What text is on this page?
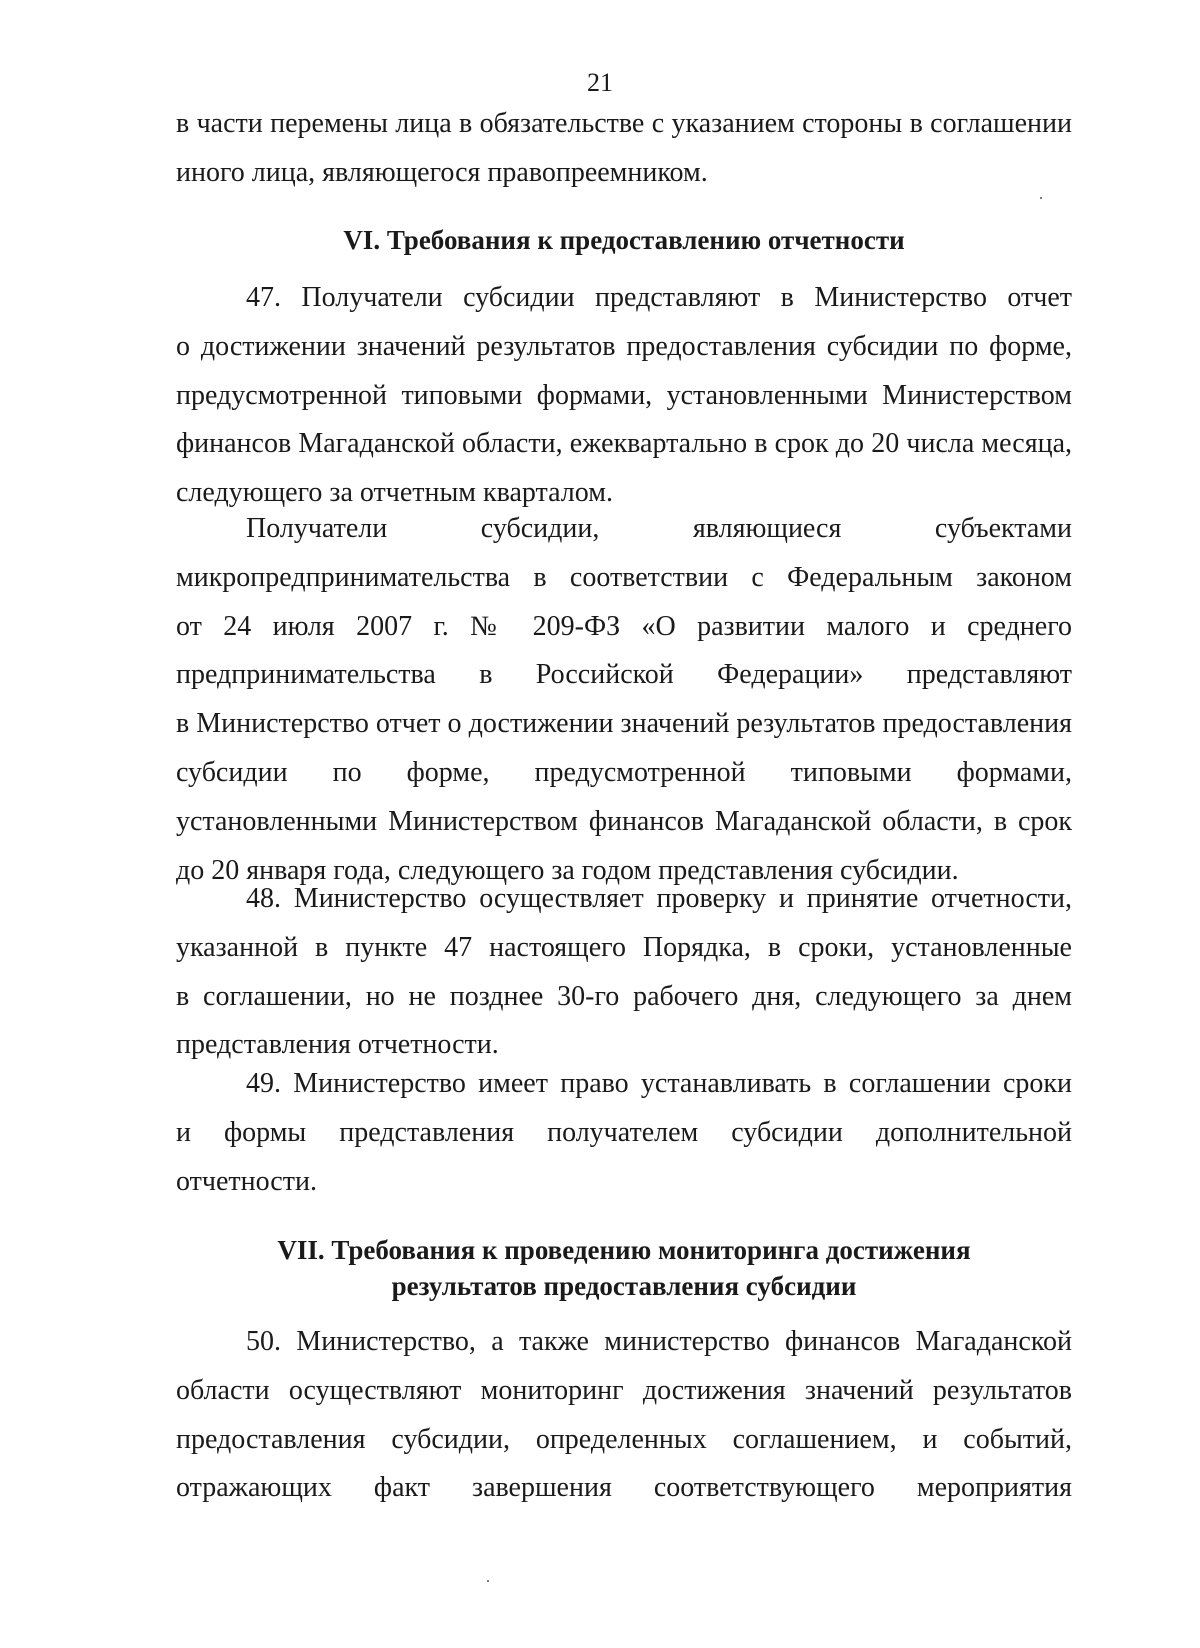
21
в части перемены лица в обязательстве с указанием стороны в соглашении
иного лица, являющегося правопреемником.
VI. Требования к предоставлению отчетности
47. Получатели субсидии представляют в Министерство отчет
о достижении значений результатов предоставления субсидии по форме,
предусмотренной типовыми формами, установленными Министерством
финансов Магаданской области, ежеквартально в срок до 20 числа месяца,
следующего за отчетным кварталом.
Получатели субсидии, являющиеся субъектами
микропредпринимательства в соответствии с Федеральным законом
от 24 июля 2007 г. № 209-ФЗ «О развитии малого и среднего
предпринимательства в Российской Федерации» представляют
в Министерство отчет о достижении значений результатов предоставления
субсидии по форме, предусмотренной типовыми формами,
установленными Министерством финансов Магаданской области, в срок
до 20 января года, следующего за годом представления субсидии.
48. Министерство осуществляет проверку и принятие отчетности,
указанной в пункте 47 настоящего Порядка, в сроки, установленные
в соглашении, но не позднее 30-го рабочего дня, следующего за днем
представления отчетности.
49. Министерство имеет право устанавливать в соглашении сроки
и формы представления получателем субсидии дополнительной
отчетности.
VII. Требования к проведению мониторинга достижения
результатов предоставления субсидии
50. Министерство, а также министерство финансов Магаданской
области осуществляют мониторинг достижения значений результатов
предоставления субсидии, определенных соглашением, и событий,
отражающих факт завершения соответствующего мероприятия
